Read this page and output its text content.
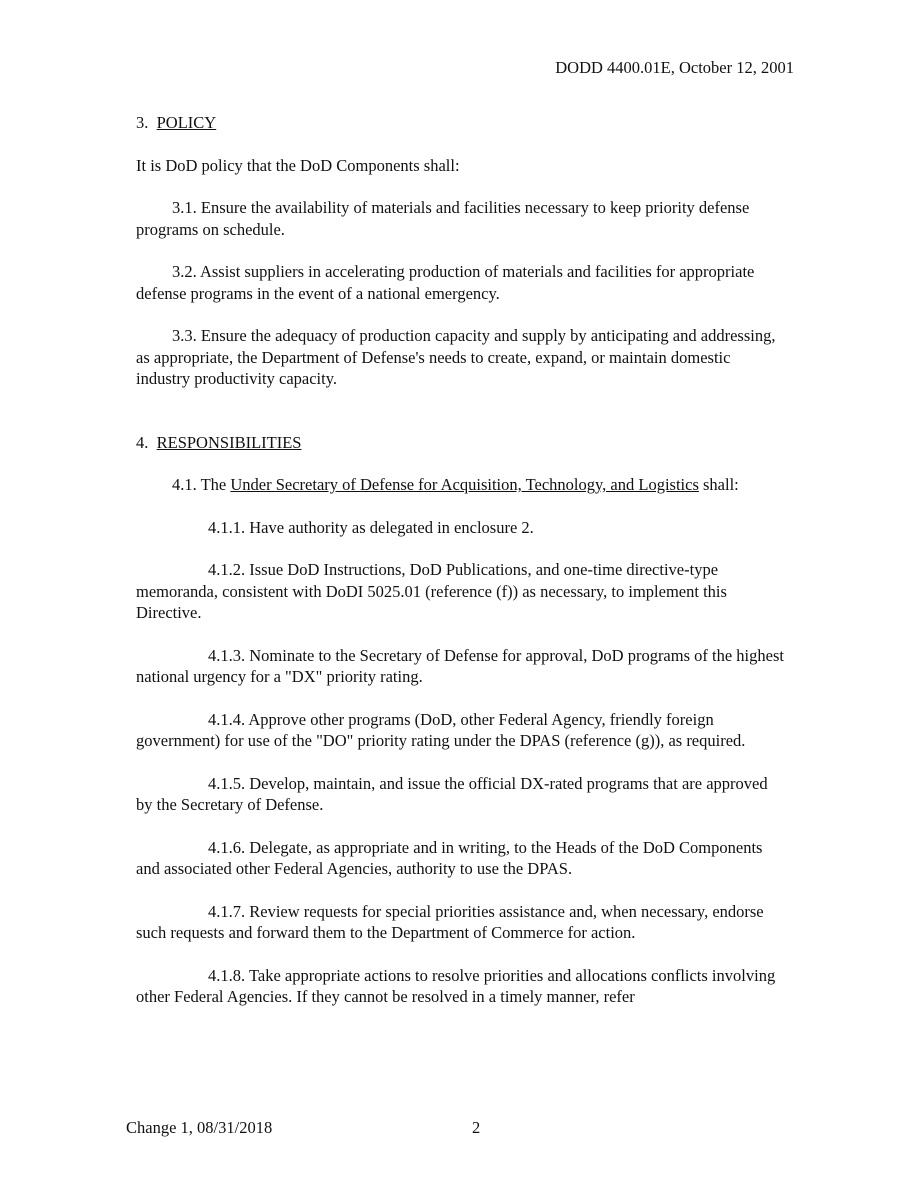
DODD 4400.01E, October 12, 2001

3. POLICY

It is DoD policy that the DoD Components shall:

3.1. Ensure the availability of materials and facilities necessary to keep priority defense programs on schedule.

3.2. Assist suppliers in accelerating production of materials and facilities for appropriate defense programs in the event of a national emergency.

3.3. Ensure the adequacy of production capacity and supply by anticipating and addressing, as appropriate, the Department of Defense's needs to create, expand, or maintain domestic industry productivity capacity.

4. RESPONSIBILITIES

4.1. The Under Secretary of Defense for Acquisition, Technology, and Logistics shall:

4.1.1. Have authority as delegated in enclosure 2.

4.1.2. Issue DoD Instructions, DoD Publications, and one-time directive-type memoranda, consistent with DoDI 5025.01 (reference (f)) as necessary, to implement this Directive.

4.1.3. Nominate to the Secretary of Defense for approval, DoD programs of the highest national urgency for a "DX" priority rating.

4.1.4. Approve other programs (DoD, other Federal Agency, friendly foreign government) for use of the "DO" priority rating under the DPAS (reference (g)), as required.

4.1.5. Develop, maintain, and issue the official DX-rated programs that are approved by the Secretary of Defense.

4.1.6. Delegate, as appropriate and in writing, to the Heads of the DoD Components and associated other Federal Agencies, authority to use the DPAS.

4.1.7. Review requests for special priorities assistance and, when necessary, endorse such requests and forward them to the Department of Commerce for action.

4.1.8. Take appropriate actions to resolve priorities and allocations conflicts involving other Federal Agencies. If they cannot be resolved in a timely manner, refer

Change 1, 08/31/2018	2
